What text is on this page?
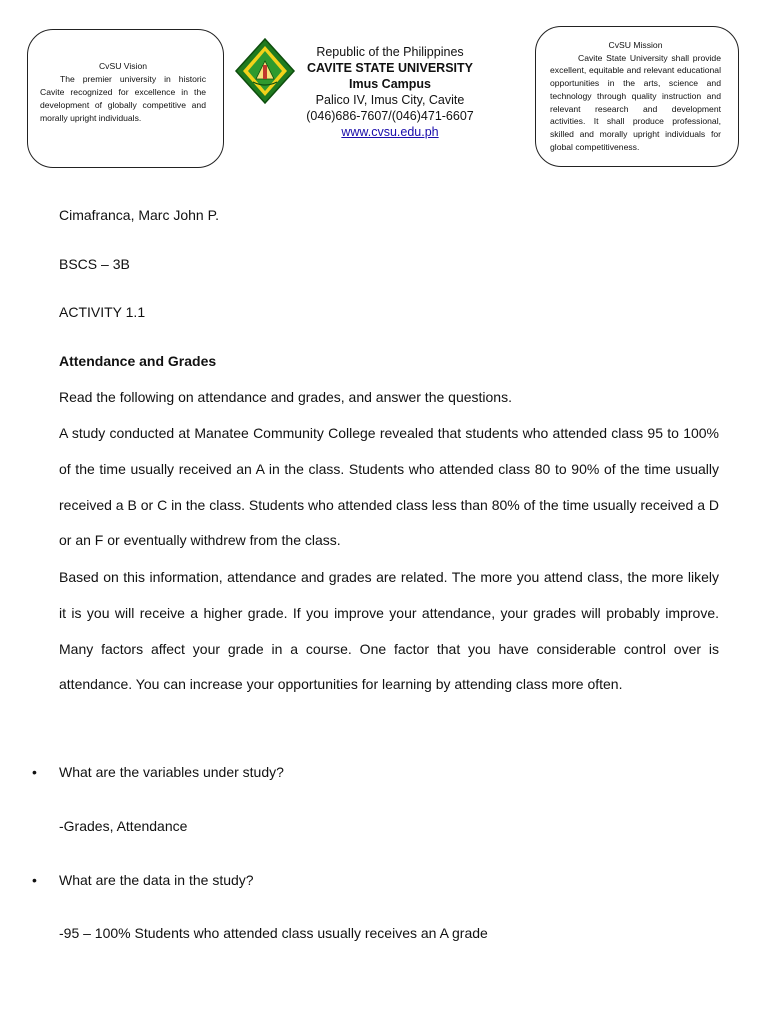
CvSU Vision
The premier university in historic Cavite recognized for excellence in the development of globally competitive and morally upright individuals.
Republic of the Philippines
CAVITE STATE UNIVERSITY
Imus Campus
Palico IV, Imus City, Cavite
(046)686-7607/(046)471-6607
www.cvsu.edu.ph
CvSU Mission
Cavite State University shall provide excellent, equitable and relevant educational opportunities in the arts, science and technology through quality instruction and relevant research and development activities. It shall produce professional, skilled and morally upright individuals for global competitiveness.
Cimafranca, Marc John P.
BSCS – 3B
ACTIVITY 1.1
Attendance and Grades
Read the following on attendance and grades, and answer the questions.
A study conducted at Manatee Community College revealed that students who attended class 95 to 100% of the time usually received an A in the class. Students who attended class 80 to 90% of the time usually received a B or C in the class. Students who attended class less than 80% of the time usually received a D or an F or eventually withdrew from the class.
Based on this information, attendance and grades are related. The more you attend class, the more likely it is you will receive a higher grade. If you improve your attendance, your grades will probably improve. Many factors affect your grade in a course. One factor that you have considerable control over is attendance. You can increase your opportunities for learning by attending class more often.
• What are the variables under study?
-Grades, Attendance
• What are the data in the study?
-95 – 100% Students who attended class usually receives an A grade
